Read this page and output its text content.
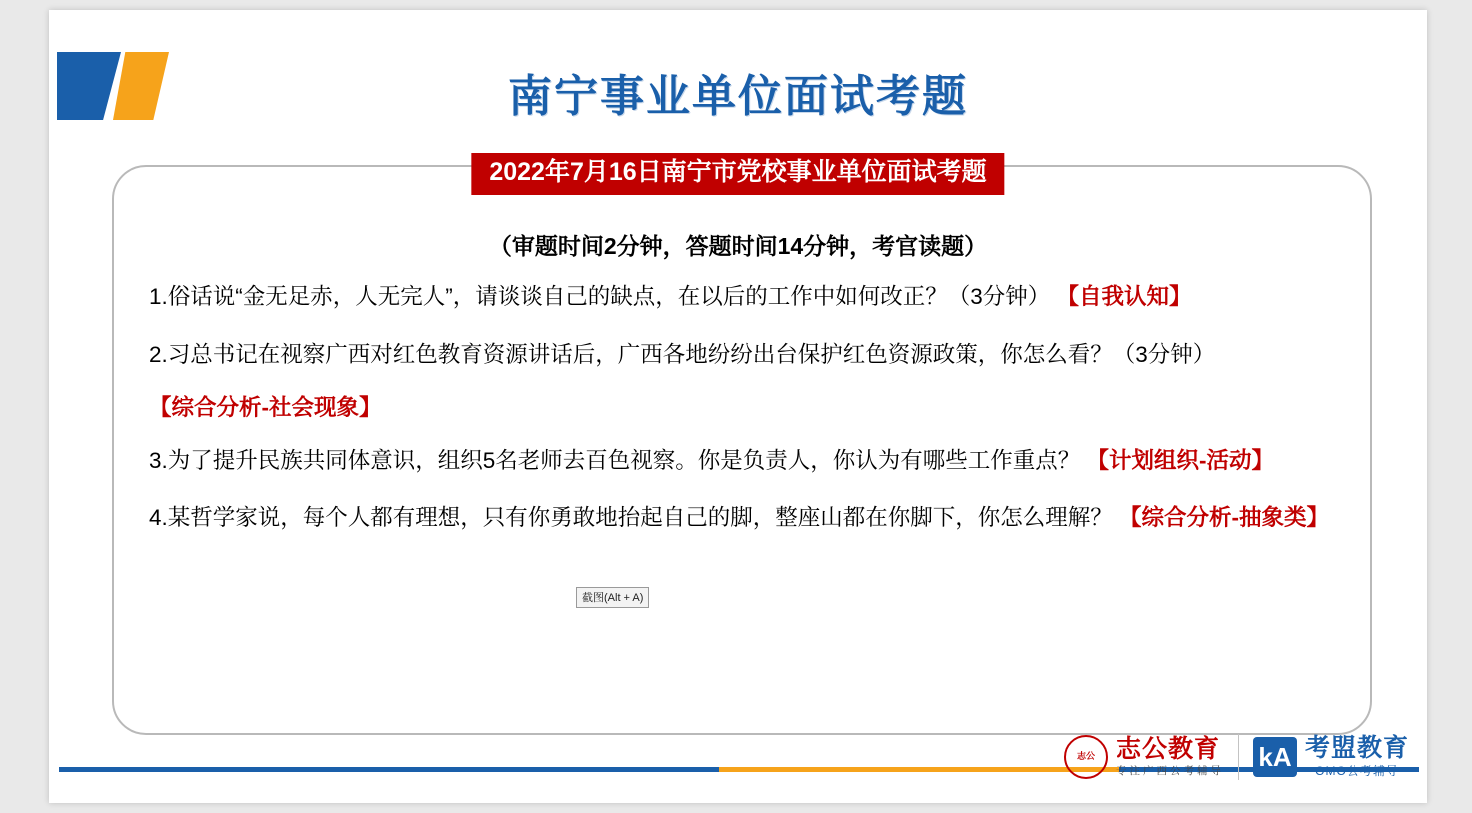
南宁事业单位面试考题
2022年7月16日南宁市党校事业单位面试考题
（审题时间2分钟，答题时间14分钟，考官读题）
1.俗话说“金无足赤，人无完人”，请谈谈自己的缺点，在以后的工作中如何改正？（3分钟） 【自我认知】
2.习总书记在视察广西对红色教育资源讲话后，广西各地纷纷出台保护红色资源政策，你怎么看？（3分钟）
【综合分析-社会现象】
3.为了提升民族共同体意识，组织5名老师去百色视察。你是负责人，你认为有哪些工作重点？ 【计划组织-活动】
4.某哲学家说，每个人都有理想，只有你勇敢地抬起自己的脚，整座山都在你脚下，你怎么理解？ 【综合分析-抽象类】
截图(Alt + A)
志公 志公教育
专注广西公考辅导 kA 考盟教育
OMO公考辅导
